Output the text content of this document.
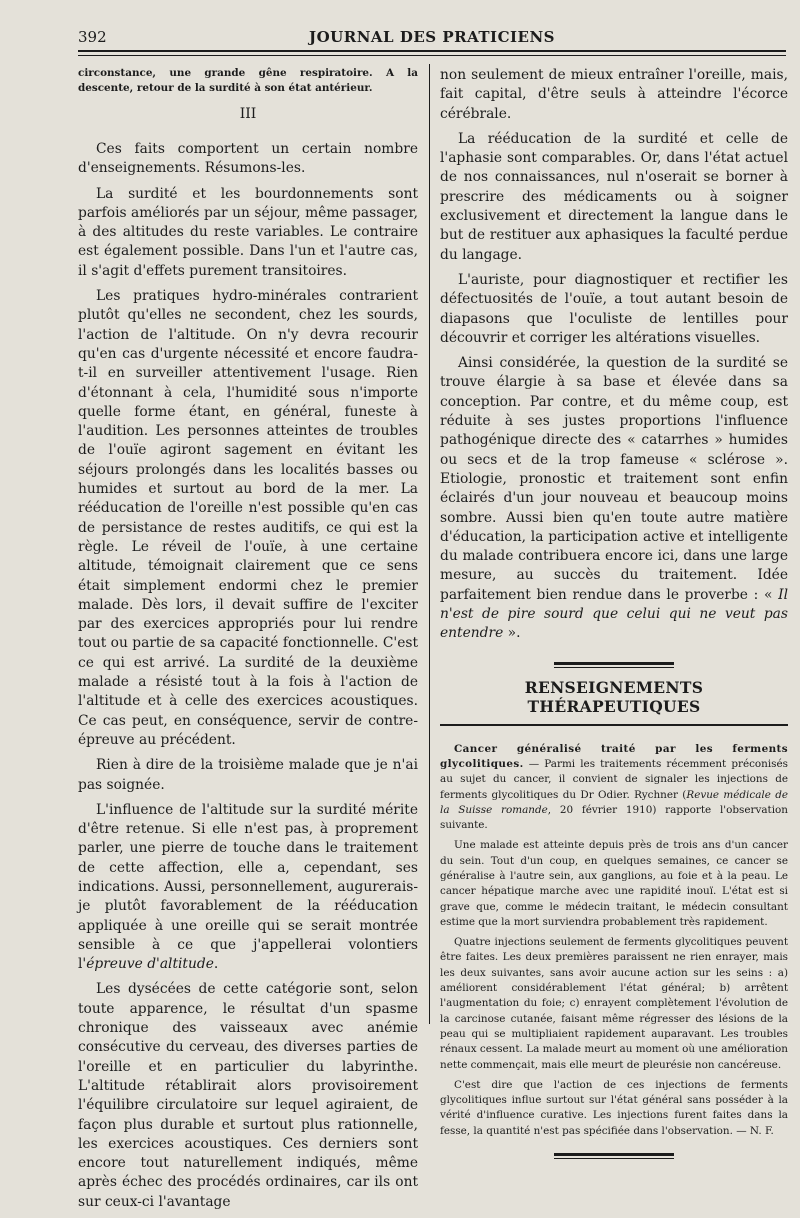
392	JOURNAL DES PRATICIENS

circonstance, une grande gêne respiratoire. A la descente, retour de la surdité à son état antérieur.

III

Ces faits comportent un certain nombre d'enseignements. Résumons-les.

La surdité et les bourdonnements sont parfois améliorés par un séjour, même passager, à des altitudes du reste variables. Le contraire est également possible. Dans l'un et l'autre cas, il s'agit d'effets purement transitoires.

Les pratiques hydro-minérales contrarient plutôt qu'elles ne secondent, chez les sourds, l'action de l'altitude. On n'y devra recourir qu'en cas d'urgente nécessité et encore faudra-t-il en surveiller attentivement l'usage. Rien d'étonnant à cela, l'humidité sous n'importe quelle forme étant, en général, funeste à l'audition. Les personnes atteintes de troubles de l'ouïe agiront sagement en évitant les séjours prolongés dans les localités basses ou humides et surtout au bord de la mer. La rééducation de l'oreille n'est possible qu'en cas de persistance de restes auditifs, ce qui est la règle. Le réveil de l'ouïe, à une certaine altitude, témoignait clairement que ce sens était simplement endormi chez le premier malade. Dès lors, il devait suffire de l'exciter par des exercices appropriés pour lui rendre tout ou partie de sa capacité fonctionnelle. C'est ce qui est arrivé. La surdité de la deuxième malade a résisté tout à la fois à l'action de l'altitude et à celle des exercices acoustiques. Ce cas peut, en conséquence, servir de contre-épreuve au précédent.

Rien à dire de la troisième malade que je n'ai pas soignée.

L'influence de l'altitude sur la surdité mérite d'être retenue. Si elle n'est pas, à proprement parler, une pierre de touche dans le traitement de cette affection, elle a, cependant, ses indications. Aussi, personnellement, augurerais-je plutôt favorablement de la rééducation appliquée à une oreille qui se serait montrée sensible à ce que j'appellerai volontiers l'épreuve d'altitude.

Les dysécées de cette catégorie sont, selon toute apparence, le résultat d'un spasme chronique des vaisseaux avec anémie consécutive du cerveau, des diverses parties de l'oreille et en particulier du labyrinthe. L'altitude rétablirait alors provisoirement l'équilibre circulatoire sur lequel agiraient, de façon plus durable et surtout plus rationnelle, les exercices acoustiques. Ces derniers sont encore tout naturellement indiqués, même après échec des procédés ordinaires, car ils ont sur ceux-ci l'avantage

non seulement de mieux entraîner l'oreille, mais, fait capital, d'être seuls à atteindre l'écorce cérébrale.

La rééducation de la surdité et celle de l'aphasie sont comparables. Or, dans l'état actuel de nos connaissances, nul n'oserait se borner à prescrire des médicaments ou à soigner exclusivement et directement la langue dans le but de restituer aux aphasiques la faculté perdue du langage.

L'auriste, pour diagnostiquer et rectifier les défectuosités de l'ouïe, a tout autant besoin de diapasons que l'oculiste de lentilles pour découvrir et corriger les altérations visuelles.

Ainsi considérée, la question de la surdité se trouve élargie à sa base et élevée dans sa conception. Par contre, et du même coup, est réduite à ses justes proportions l'influence pathogénique directe des « catarrhes » humides ou secs et de la trop fameuse « sclérose ». Etiologie, pronostic et traitement sont enfin éclairés d'un jour nouveau et beaucoup moins sombre. Aussi bien qu'en toute autre matière d'éducation, la participation active et intelligente du malade contribuera encore ici, dans une large mesure, au succès du traitement. Idée parfaitement bien rendue dans le proverbe : « Il n'est de pire sourd que celui qui ne veut pas entendre ».

RENSEIGNEMENTS THÉRAPEUTIQUES

Cancer généralisé traité par les ferments glycolitiques. — Parmi les traitements récemment préconisés au sujet du cancer, il convient de signaler les injections de ferments glycolitiques du Dr Odier. Rychner (Revue médicale de la Suisse romande, 20 février 1910) rapporte l'observation suivante.

Une malade est atteinte depuis près de trois ans d'un cancer du sein. Tout d'un coup, en quelques semaines, ce cancer se généralise à l'autre sein, aux ganglions, au foie et à la peau. Le cancer hépatique marche avec une rapidité inouï. L'état est si grave que, comme le médecin traitant, le médecin consultant estime que la mort surviendra probablement très rapidement.

Quatre injections seulement de ferments glycolitiques peuvent être faites. Les deux premières paraissent ne rien enrayer, mais les deux suivantes, sans avoir aucune action sur les seins : a) améliorent considérablement l'état général; b) arrêtent l'augmentation du foie; c) enrayent complètement l'évolution de la carcinose cutanée, faisant même régresser des lésions de la peau qui se multipliaient rapidement auparavant. Les troubles rénaux cessent. La malade meurt au moment où une amélioration nette commençait, mais elle meurt de pleurésie non cancéreuse.

C'est dire que l'action de ces injections de ferments glycolitiques influe surtout sur l'état général sans posséder à la vérité d'influence curative. Les injections furent faites dans la fesse, la quantité n'est pas spécifiée dans l'observation. — N. F.
